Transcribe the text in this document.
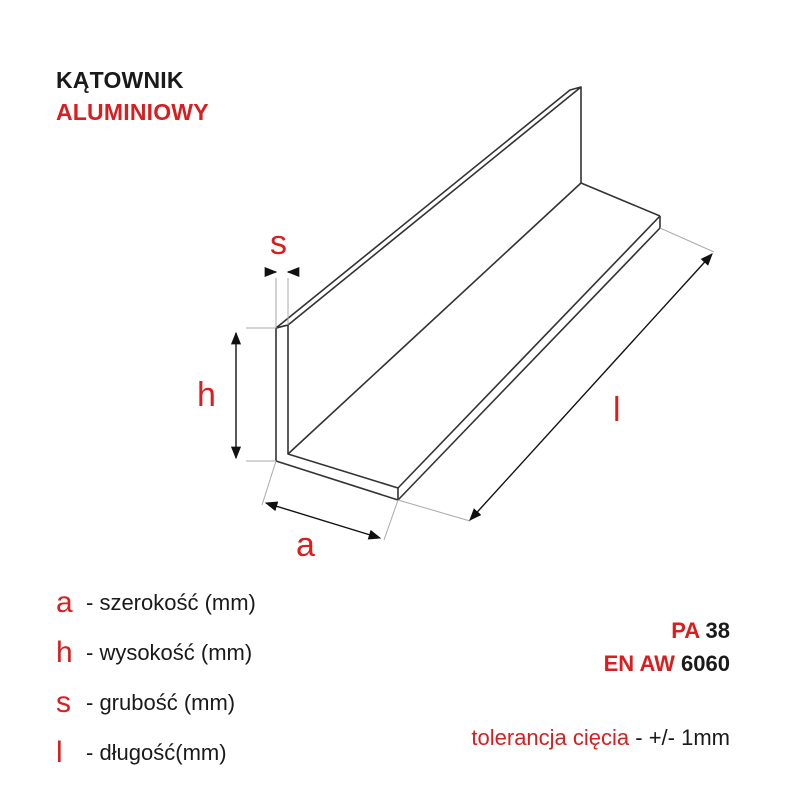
KĄTOWNIK
ALUMINIOWY
s
h
a
l
a - szerokość (mm)
h - wysokość (mm)
s - grubość (mm)
l	- długość(mm)
PA 38
EN AW 6060
tolerancja cięcia - +/- 1mm
